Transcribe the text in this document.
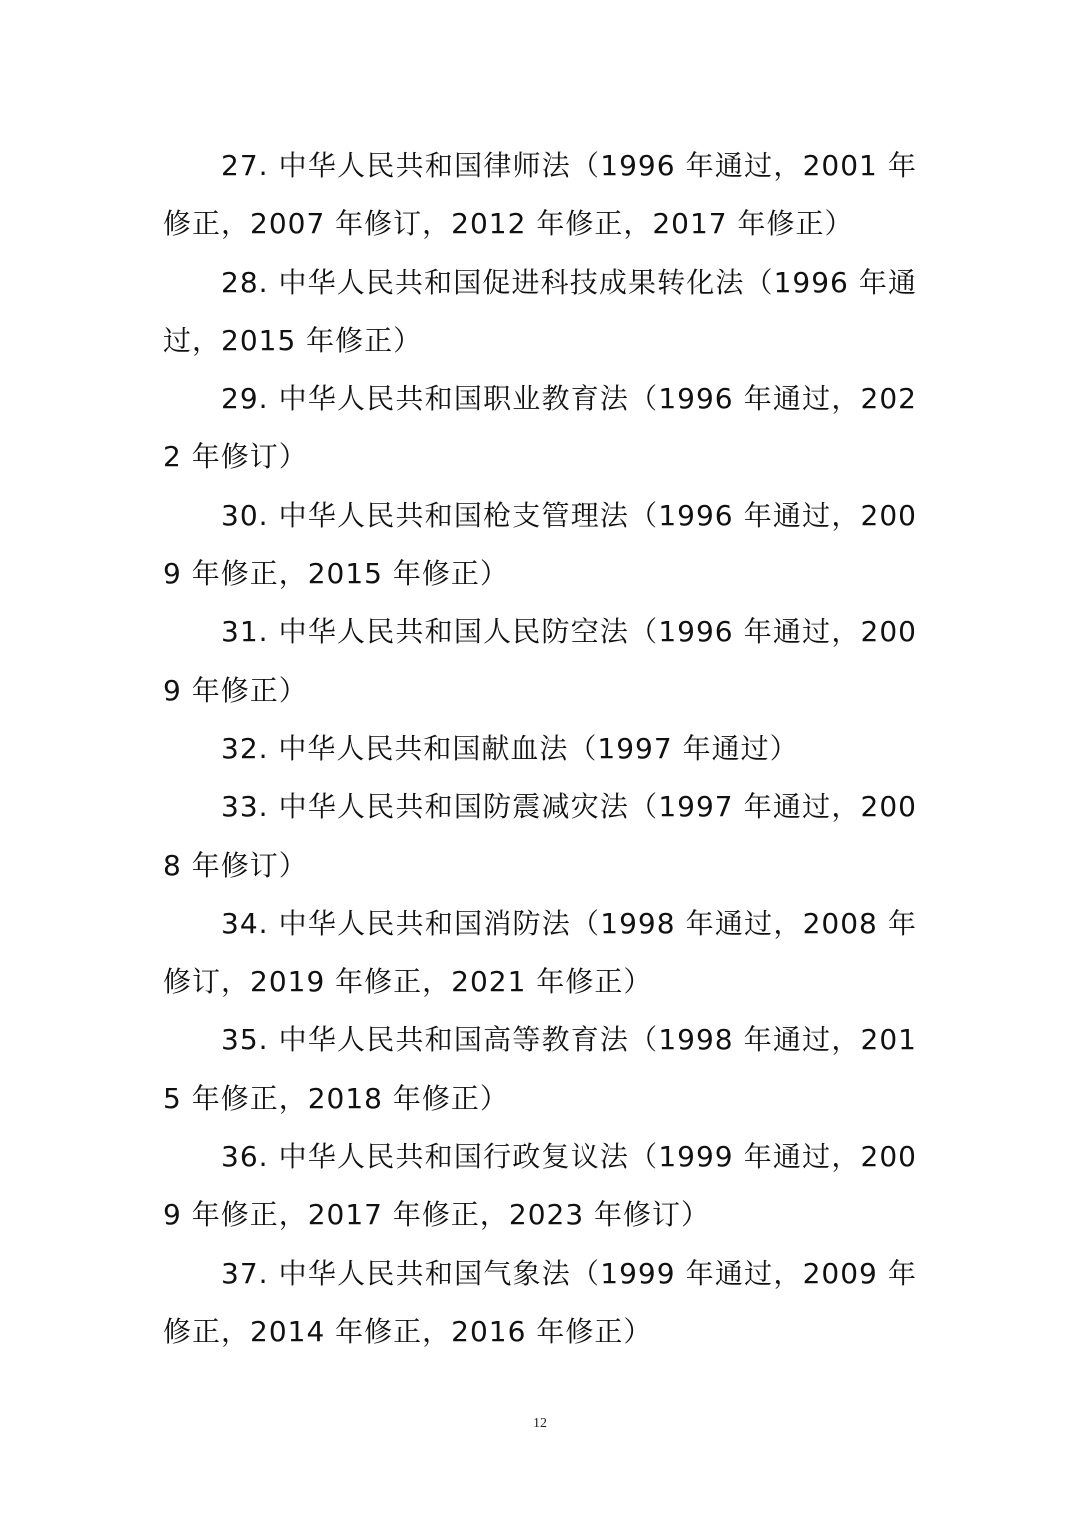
27. 中华人民共和国律师法（1996 年通过，2001 年修正，2007 年修订，2012 年修正，2017 年修正）

28. 中华人民共和国促进科技成果转化法（1996 年通过，2015 年修正）

29. 中华人民共和国职业教育法（1996 年通过，2022 年修订）

30. 中华人民共和国枪支管理法（1996 年通过，2009 年修正，2015 年修正）

31. 中华人民共和国人民防空法（1996 年通过，2009 年修正）

32. 中华人民共和国献血法（1997 年通过）

33. 中华人民共和国防震减灾法（1997 年通过，2008 年修订）

34. 中华人民共和国消防法（1998 年通过，2008 年修订，2019 年修正，2021 年修正）

35. 中华人民共和国高等教育法（1998 年通过，2015 年修正，2018 年修正）

36. 中华人民共和国行政复议法（1999 年通过，2009 年修正，2017 年修正，2023 年修订）

37. 中华人民共和国气象法（1999 年通过，2009 年修正，2014 年修正，2016 年修正）

12
